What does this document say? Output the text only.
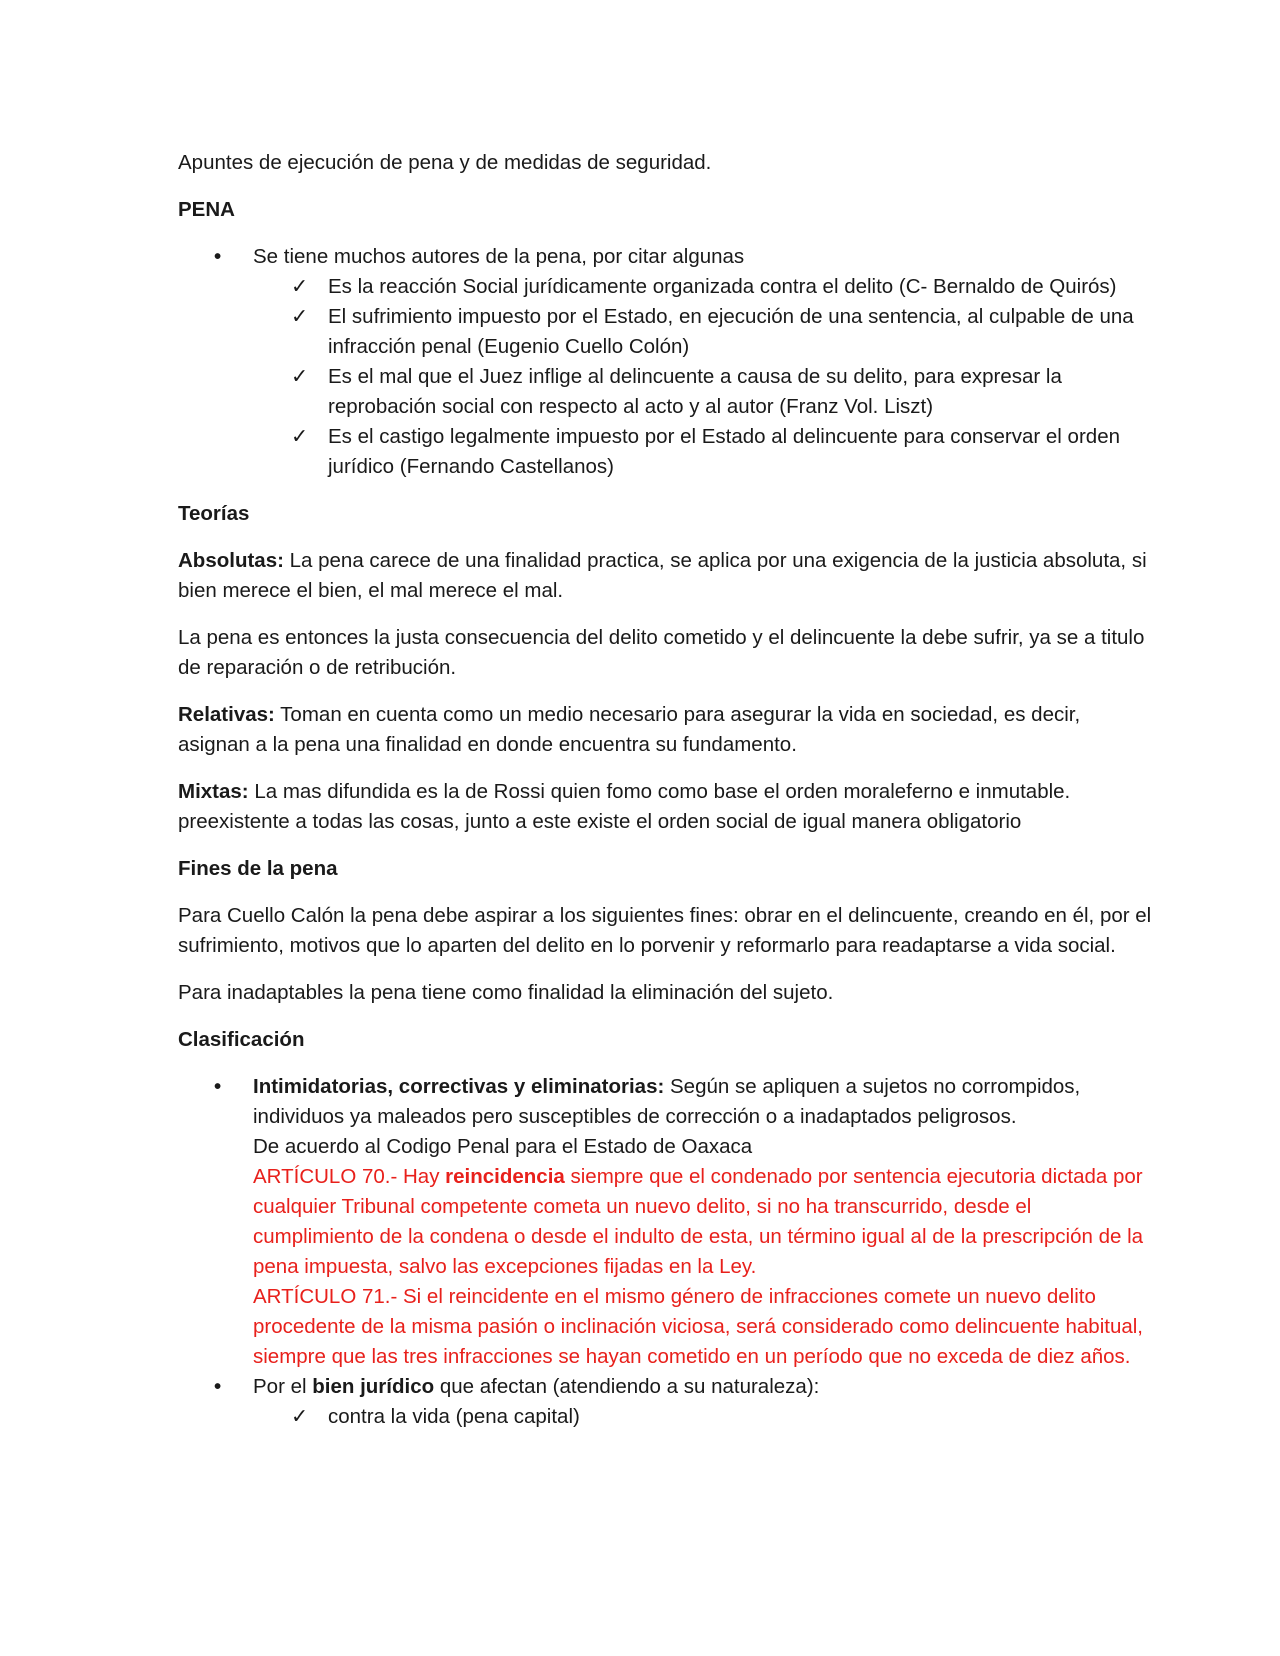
Apuntes de ejecución de pena y de medidas de seguridad.

PENA

• Se tiene muchos autores de la pena, por citar algunas
✓ Es la reacción Social jurídicamente organizada contra el delito (C- Bernaldo de Quirós)
✓ El sufrimiento impuesto por el Estado, en ejecución de una sentencia, al culpable de una infracción penal (Eugenio Cuello Colón)
✓ Es el mal que el Juez inflige al delincuente a causa de su delito, para expresar la reprobación social con respecto al acto y al autor (Franz Vol. Liszt)
✓ Es el castigo legalmente impuesto por el Estado al delincuente para conservar el orden jurídico (Fernando Castellanos)

Teorías

Absolutas: La pena carece de una finalidad practica, se aplica por una exigencia de la justicia absoluta, si bien merece el bien, el mal merece el mal.

La pena es entonces la justa consecuencia del delito cometido y el delincuente la debe sufrir, ya se a titulo de reparación o de retribución.

Relativas: Toman en cuenta como un medio necesario para asegurar la vida en sociedad, es decir, asignan a la pena una finalidad en donde encuentra su fundamento.

Mixtas: La mas difundida es la de Rossi quien fomo como base el orden moraleferno e inmutable. preexistente a todas las cosas, junto a este existe el orden social de igual manera obligatorio

Fines de la pena

Para Cuello Calón la pena debe aspirar a los siguientes fines: obrar en el delincuente, creando en él, por el sufrimiento, motivos que lo aparten del delito en lo porvenir y reformarlo para readaptarse a vida social.

Para inadaptables la pena tiene como finalidad la eliminación del sujeto.

Clasificación

• Intimidatorias, correctivas y eliminatorias: Según se apliquen a sujetos no corrompidos, individuos ya maleados pero susceptibles de corrección o a inadaptados peligrosos.
De acuerdo al Codigo Penal para el Estado de Oaxaca
ARTÍCULO 70.- Hay reincidencia siempre que el condenado por sentencia ejecutoria dictada por cualquier Tribunal competente cometa un nuevo delito, si no ha transcurrido, desde el cumplimiento de la condena o desde el indulto de esta, un término igual al de la prescripción de la pena impuesta, salvo las excepciones fijadas en la Ley.
ARTÍCULO 71.- Si el reincidente en el mismo género de infracciones comete un nuevo delito procedente de la misma pasión o inclinación viciosa, será considerado como delincuente habitual, siempre que las tres infracciones se hayan cometido en un período que no exceda de diez años.
• Por el bien jurídico que afectan (atendiendo a su naturaleza):
✓ contra la vida (pena capital)
